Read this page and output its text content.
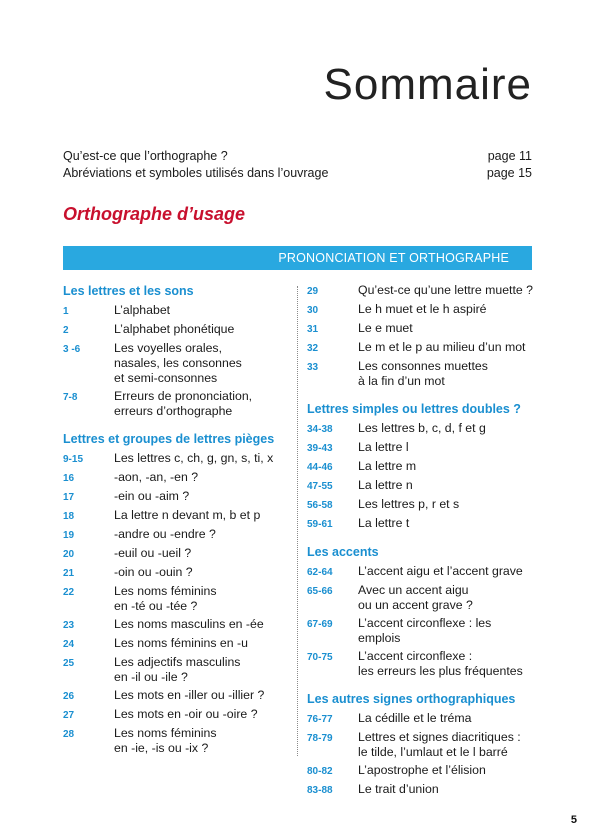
Sommaire
Qu’est-ce que l’orthographe ?	page 11
Abréviations et symboles utilisés dans l’ouvrage	page 15
Orthographe d’usage
PRONONCIATION ET ORTHOGRAPHE
Les lettres et les sons
1	L’alphabet
2	L’alphabet phonétique
3 -6	Les voyelles orales,
nasales, les consonnes
et semi-consonnes
7-8	Erreurs de prononciation,
erreurs d’orthographe
Lettres et groupes de lettres pièges
9-15	Les lettres c, ch, g, gn, s, ti, x
16	-aon, -an, -en ?
17	-ein ou -aim ?
18	La lettre n devant m, b et p
19	-andre ou -endre ?
20	-euil ou -ueil ?
21	-oin ou -ouin ?
22	Les noms féminins
en -té ou -tée ?
23	Les noms masculins en -ée
24	Les noms féminins en -u
25	Les adjectifs masculins
en -il ou -ile ?
26	Les mots en -iller ou -illier ?
27	Les mots en -oir ou -oire ?
28	Les noms féminins
en -ie, -is ou -ix ?
29	Qu’est-ce qu’une lettre muette ?
30	Le h muet et le h aspiré
31	Le e muet
32	Le m et le p au milieu d’un mot
33	Les consonnes muettes
à la fin d’un mot
Lettres simples ou lettres doubles ?
34-38	Les lettres b, c, d, f et g
39-43	La lettre l
44-46	La lettre m
47-55	La lettre n
56-58	Les lettres p, r et s
59-61	La lettre t
Les accents
62-64	L’accent aigu et l’accent grave
65-66	Avec un accent aigu
ou un accent grave ?
67-69	L’accent circonflexe : les emplois
70-75	L’accent circonflexe :
les erreurs les plus fréquentes
Les autres signes orthographiques
76-77	La cédille et le tréma
78-79	Lettres et signes diacritiques :
le tilde, l’umlaut et le l barré
80-82	L’apostrophe et l’élision
83-88	Le trait d’union
5
